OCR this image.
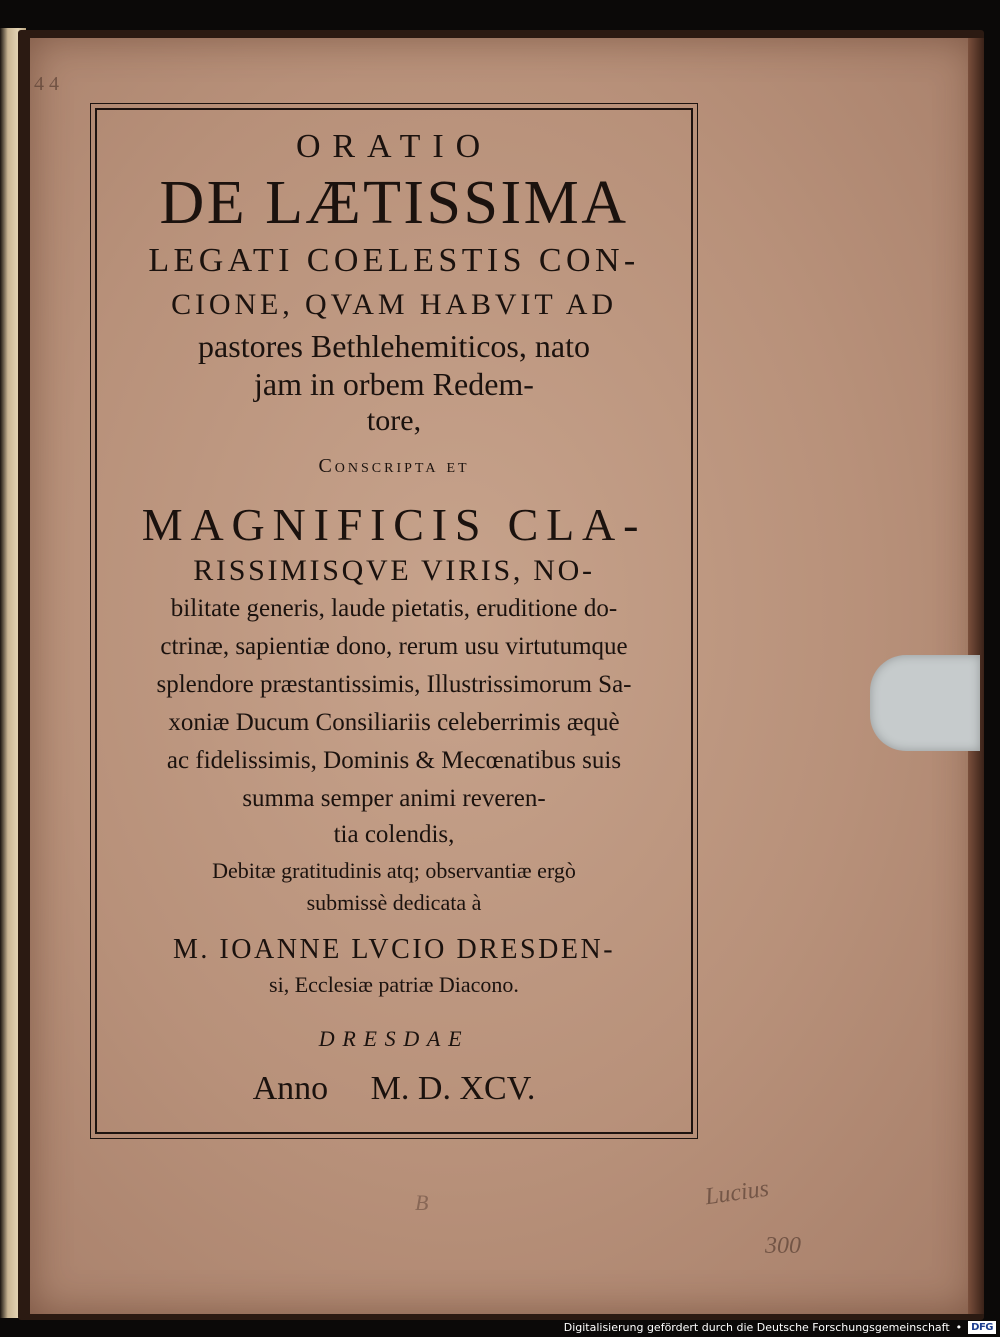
4 4
ORATIO
DE LÆTISSIMA
LEGATI COELESTIS CON-
CIONE, QVAM HABVIT AD
pastores Bethlehemiticos, nato
jam in orbem Redem-
tore,
Conscripta et
MAGNIFICIS CLA-
RISSIMISQVE VIRIS, NO-
bilitate generis, laude pietatis, eruditione do-
ctrinæ, sapientiæ dono, rerum usu virtutumque
splendore præstantissimis, Illustrissimorum Sa-
xoniæ Ducum Consiliariis celeberrimis æquè
ac fidelissimis, Dominis & Mecœnatibus suis
summa semper animi reveren-
tia colendis,
Debitæ gratitudinis atq; observantiæ ergò
submissè dedicata à
M. IOANNE LVCIO DRESDEN-
si, Ecclesiæ patriæ Diacono.
DRESDAE
Anno     M. D. XCV.
B	Lucius
300
Digitalisierung gefördert durch die Deutsche Forschungsgemeinschaft • DFG
